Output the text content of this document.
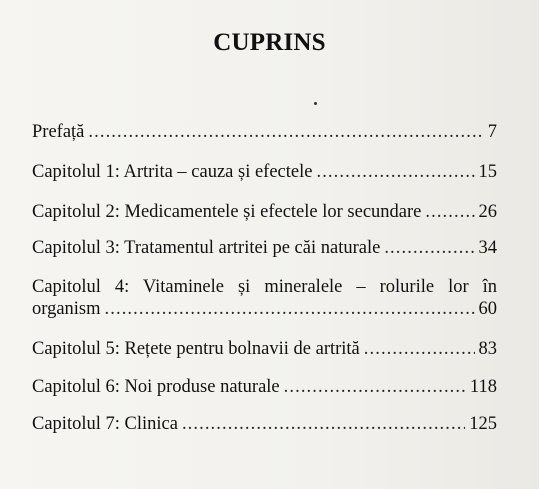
CUPRINS
Prefață .....	7
Capitolul 1: Artrita – cauza și efectele .....	15
Capitolul 2: Medicamentele și efectele lor secundare .....	26
Capitolul 3: Tratamentul artritei pe căi naturale .....	34
Capitolul 4: Vitaminele și mineralele – rolurile lor în
organism .....	60
Capitolul 5: Rețete pentru bolnavii de artrită .....	83
Capitolul 6: Noi produse naturale .....	118
Capitolul 7: Clinica .....	125
